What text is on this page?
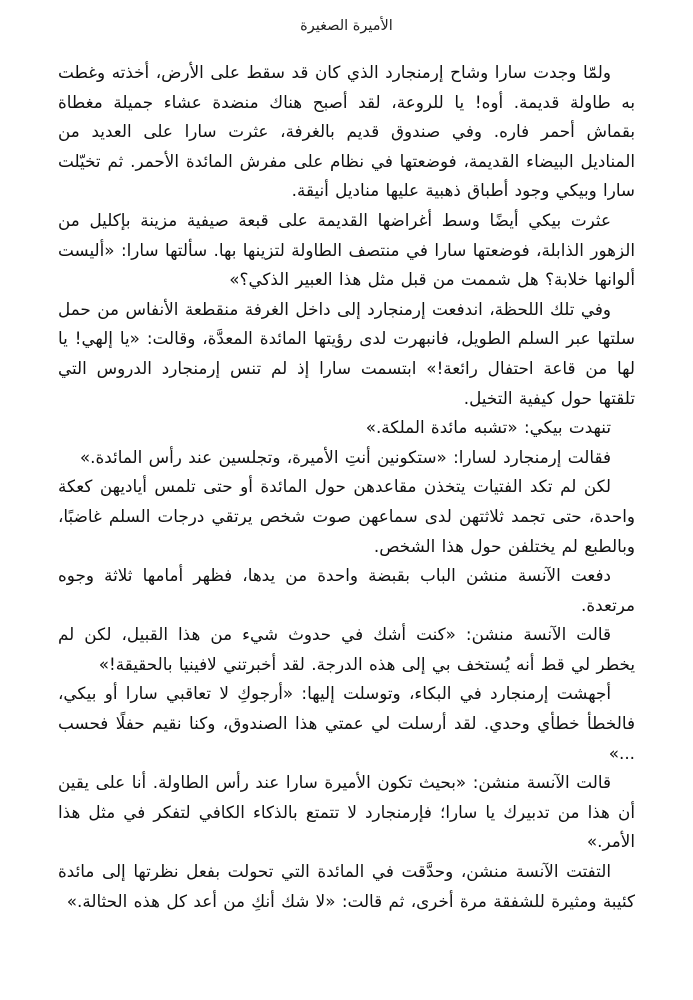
الأميرة الصغيرة

ولمّا وجدت سارا وشاح إرمنجارد الذي كان قد سقط على الأرض، أخذته وغطت به طاولة قديمة. أوه! يا للروعة، لقد أصبح هناك منضدة عشاء جميلة مغطاة بقماش أحمر فاره. وفي صندوق قديم بالغرفة، عثرت سارا على العديد من المناديل البيضاء القديمة، فوضعتها في نظام على مفرش المائدة الأحمر. ثم تخيّلت سارا وبيكي وجود أطباق ذهبية عليها مناديل أنيقة.

عثرت بيكي أيضًا وسط أغراضها القديمة على قبعة صيفية مزينة بإكليل من الزهور الذابلة، فوضعتها سارا في منتصف الطاولة لتزينها بها. سألتها سارا: «أليست ألوانها خلابة؟ هل شممت من قبل مثل هذا العبير الذكي؟»

وفي تلك اللحظة، اندفعت إرمنجارد إلى داخل الغرفة منقطعة الأنفاس من حمل سلتها عبر السلم الطويل، فانبهرت لدى رؤيتها المائدة المعدَّة، وقالت: «يا إلهي! يا لها من قاعة احتفال رائعة!» ابتسمت سارا إذ لم تنس إرمنجارد الدروس التي تلقتها حول كيفية التخيل.

تنهدت بيكي: «تشبه مائدة الملكة.»

فقالت إرمنجارد لسارا: «ستكونين أنتِ الأميرة، وتجلسين عند رأس المائدة.»

لكن لم تكد الفتيات يتخذن مقاعدهن حول المائدة أو حتى تلمس أياديهن كعكة واحدة، حتى تجمد ثلاثتهن لدى سماعهن صوت شخص يرتقي درجات السلم غاضبًا، وبالطبع لم يختلفن حول هذا الشخص.

دفعت الآنسة منشن الباب بقبضة واحدة من يدها، فظهر أمامها ثلاثة وجوه مرتعدة.

قالت الآنسة منشن: «كنت أشك في حدوث شيء من هذا القبيل، لكن لم يخطر لي قط أنه يُستخف بي إلى هذه الدرجة. لقد أخبرتني لافينيا بالحقيقة!»

أجهشت إرمنجارد في البكاء، وتوسلت إليها: «أرجوكِ لا تعاقبي سارا أو بيكي، فالخطأ خطأي وحدي. لقد أرسلت لي عمتي هذا الصندوق، وكنا نقيم حفلًا فحسب ...»

قالت الآنسة منشن: «بحيث تكون الأميرة سارا عند رأس الطاولة. أنا على يقين أن هذا من تدبيرك يا سارا؛ فإرمنجارد لا تتمتع بالذكاء الكافي لتفكر في مثل هذا الأمر.»

التفتت الآنسة منشن، وحدَّقت في المائدة التي تحولت بفعل نظرتها إلى مائدة كئيبة ومثيرة للشفقة مرة أخرى، ثم قالت: «لا شك أنكِ من أعد كل هذه الحثالة.»
